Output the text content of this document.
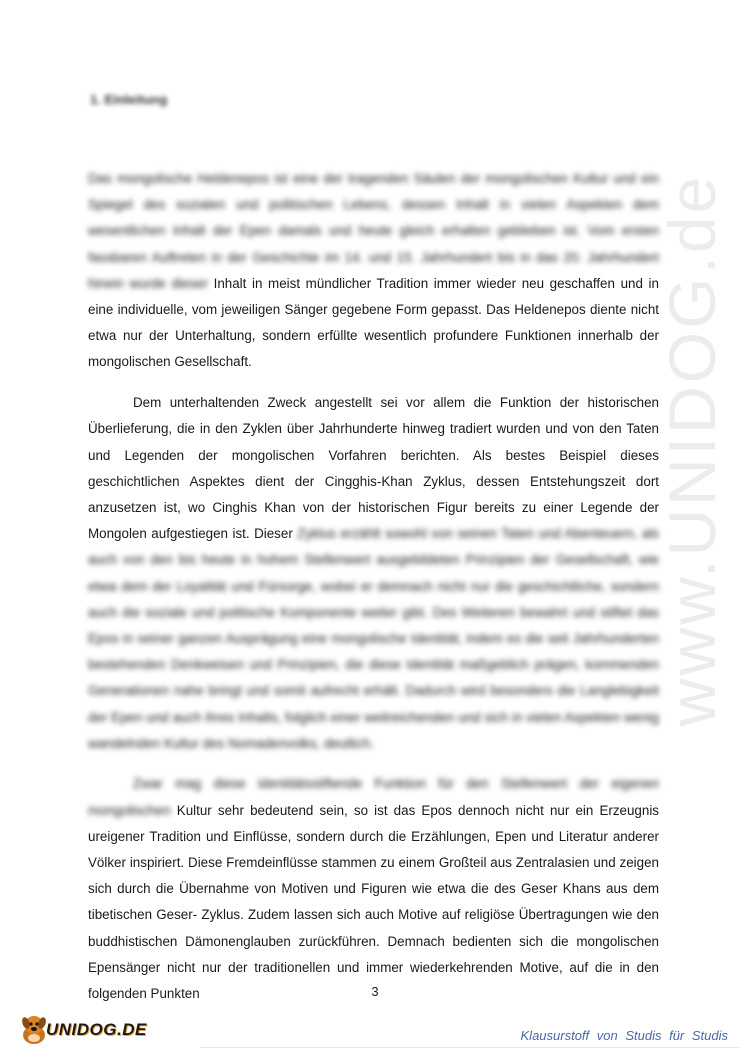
www.UNIDOG.de
1. Einleitung

Das mongolische Heldenepos ist eine der tragenden Säulen der mongolischen Kultur und ein Spiegel des sozialen und politischen Lebens, dessen Inhalt in vielen Aspekten dem wesentlichen Inhalt der Epen damals und heute gleich erhalten geblieben ist. Vom ersten fassbaren Auftreten in der Geschichte im 14. und 15. Jahrhundert bis in das 20. Jahrhundert hinein wurde dieser Inhalt in meist mündlicher Tradition immer wieder neu geschaffen und in eine individuelle, vom jeweiligen Sänger gegebene Form gepasst. Das Heldenepos diente nicht etwa nur der Unterhaltung, sondern erfüllte wesentlich profundere Funktionen innerhalb der mongolischen Gesellschaft.

Dem unterhaltenden Zweck angestellt sei vor allem die Funktion der historischen Überlieferung, die in den Zyklen über Jahrhunderte hinweg tradiert wurden und von den Taten und Legenden der mongolischen Vorfahren berichten. Als bestes Beispiel dieses geschichtlichen Aspektes dient der Cingghis-Khan Zyklus, dessen Entstehungszeit dort anzusetzen ist, wo Cinghis Khan von der historischen Figur bereits zu einer Legende der Mongolen aufgestiegen ist. Dieser Zyklus erzählt sowohl von seinen Taten und Abenteuern, als auch von den bis heute in hohem Stellenwert ausgebildeten Prinzipien der Gesellschaft, wie etwa dem der Loyalität und Fürsorge, wobei er demnach nicht nur die geschichtliche, sondern auch die soziale und politische Komponente weiter gibt. Des Weiteren bewahrt und stiftet das Epos in seiner ganzen Ausprägung eine mongolische Identität, indem es die seit Jahrhunderten bestehenden Denkweisen und Prinzipien, die diese Identität maßgeblich prägen, kommenden Generationen nahe bringt und somit aufrecht erhält. Dadurch wird besonders die Langlebigkeit der Epen und auch ihres Inhalts, folglich einer weitreichenden und sich in vielen Aspekten wenig wandelnden Kultur des Nomadenvolks, deutlich.

Zwar mag diese identitätsstiftende Funktion für den Stellenwert der eigenen mongolischen Kultur sehr bedeutend sein, so ist das Epos dennoch nicht nur ein Erzeugnis ureigener Tradition und Einflüsse, sondern durch die Erzählungen, Epen und Literatur anderer Völker inspiriert. Diese Fremdeinflüsse stammen zu einem Großteil aus Zentralasien und zeigen sich durch die Übernahme von Motiven und Figuren wie etwa die des Geser Khans aus dem tibetischen Geser- Zyklus. Zudem lassen sich auch Motive auf religiöse Übertragungen wie den buddhistischen Dämonenglauben zurückführen. Demnach bedienten sich die mongolischen Epensänger nicht nur der traditionellen und immer wiederkehrenden Motive, auf die in den folgenden Punkten	3
UNIDOG.DE	Klausurstoff von Studis für Studis
